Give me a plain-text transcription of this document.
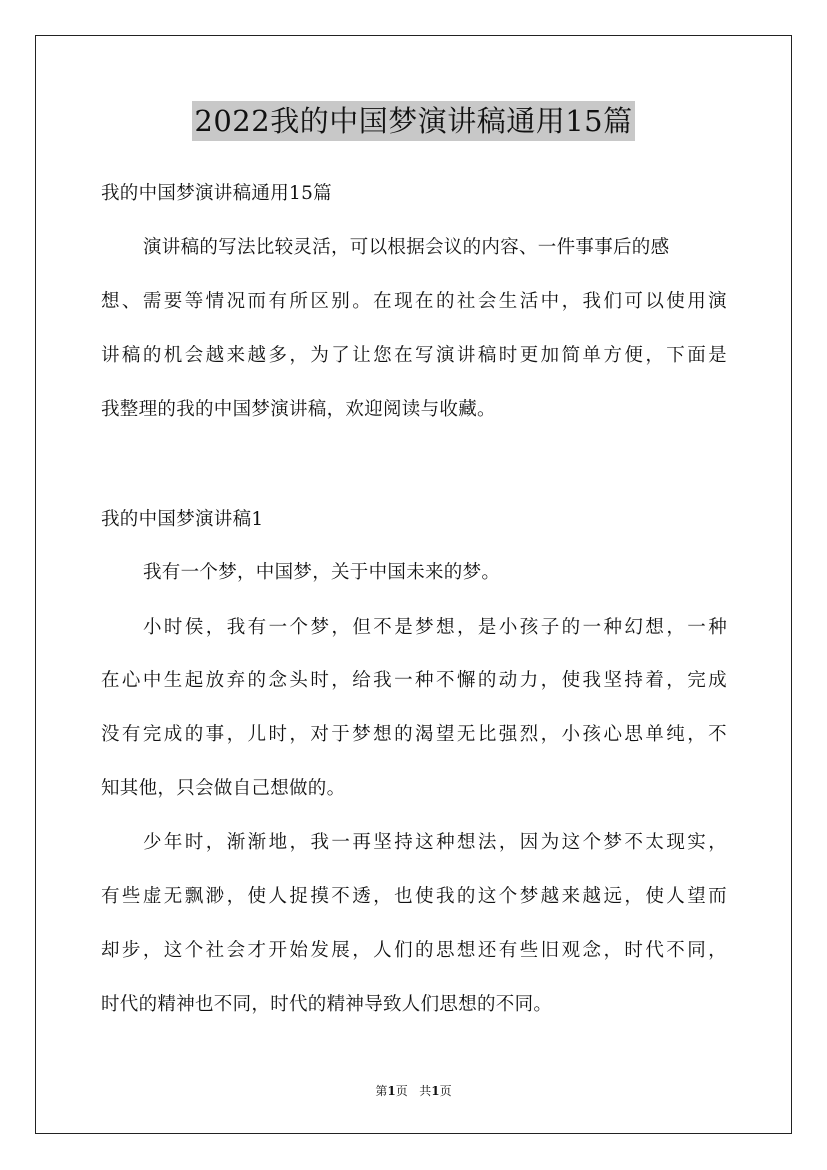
2022我的中国梦演讲稿通用15篇
我的中国梦演讲稿通用15篇
演讲稿的写法比较灵活，可以根据会议的内容、一件事事后的感
想、需要等情况而有所区别。在现在的社会生活中，我们可以使用演
讲稿的机会越来越多，为了让您在写演讲稿时更加简单方便，下面是
我整理的我的中国梦演讲稿，欢迎阅读与收藏。
我的中国梦演讲稿1
我有一个梦，中国梦，关于中国未来的梦。
小时侯，我有一个梦，但不是梦想，是小孩子的一种幻想，一种
在心中生起放弃的念头时，给我一种不懈的动力，使我坚持着，完成
没有完成的事，儿时，对于梦想的渴望无比强烈，小孩心思单纯，不
知其他，只会做自己想做的。
少年时，渐渐地，我一再坚持这种想法，因为这个梦不太现实，
有些虚无飘渺，使人捉摸不透，也使我的这个梦越来越远，使人望而
却步，这个社会才开始发展，人们的思想还有些旧观念，时代不同，
时代的精神也不同，时代的精神导致人们思想的不同。
第1页 共1页
